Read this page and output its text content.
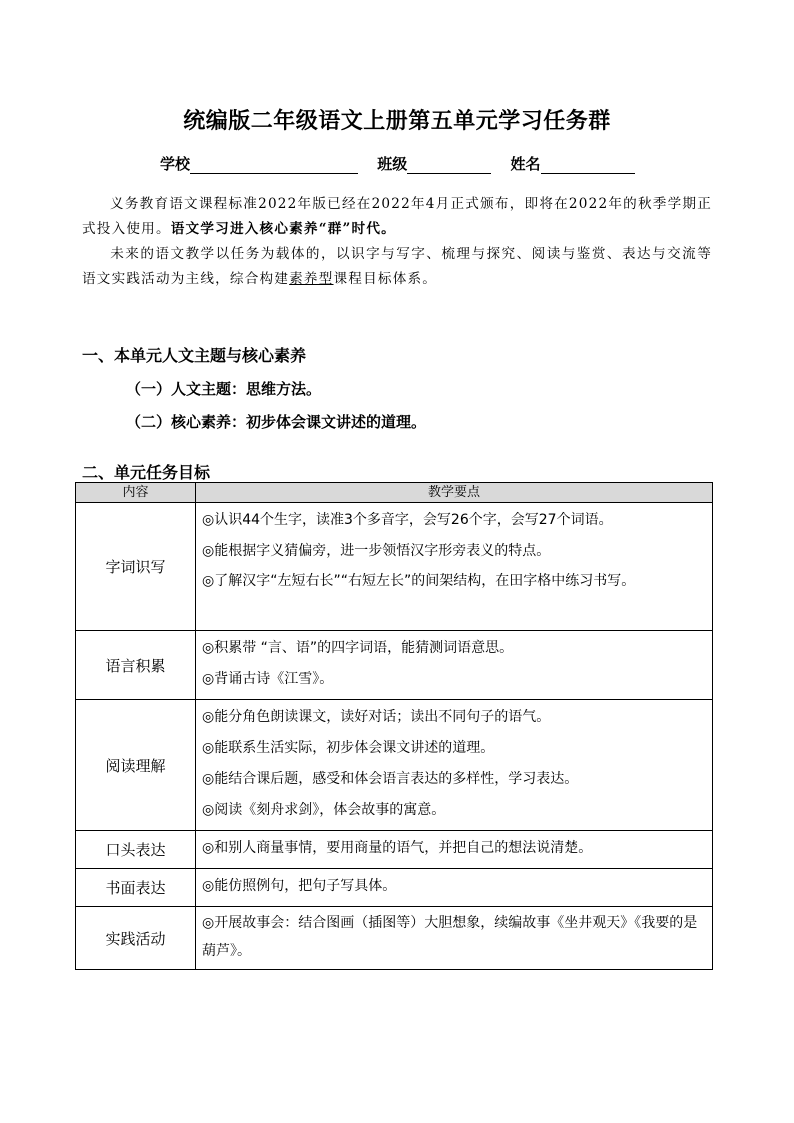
统编版二年级语文上册第五单元学习任务群
学校	班级	姓名
义务教育语文课程标准2022年版已经在2022年4月正式颁布，即将在2022年的秋季学期正式投入使用。语文学习进入核心素养“群”时代。
未来的语文教学以任务为载体的，以识字与写字、梳理与探究、阅读与鉴赏、表达与交流等语文实践活动为主线，综合构建素养型课程目标体系。
一、本单元人文主题与核心素养
（一）人文主题：思维方法。
（二）核心素养：初步体会课文讲述的道理。
二、单元任务目标
内容	教学要点
字词识写	◎认识44个生字，读准3个多音字，会写26个字，会写27个词语。

◎能根据字义猜偏旁，进一步领悟汉字形旁表义的特点。

◎了解汉字“左短右长”“右短左长”的间架结构，在田字格中练习书写。

语言积累	◎积累带 “言、语”的四字词语，能猜测词语意思。

◎背诵古诗《江雪》。

阅读理解	◎能分角色朗读课文，读好对话；读出不同句子的语气。

◎能联系生活实际，初步体会课文讲述的道理。

◎能结合课后题，感受和体会语言表达的多样性，学习表达。

◎阅读《刻舟求剑》，体会故事的寓意。

口头表达	◎和别人商量事情，要用商量的语气，并把自己的想法说清楚。

书面表达	◎能仿照例句，把句子写具体。

实践活动	◎开展故事会：结合图画（插图等）大胆想象，续编故事《坐井观天》《我要的是葫芦》。
